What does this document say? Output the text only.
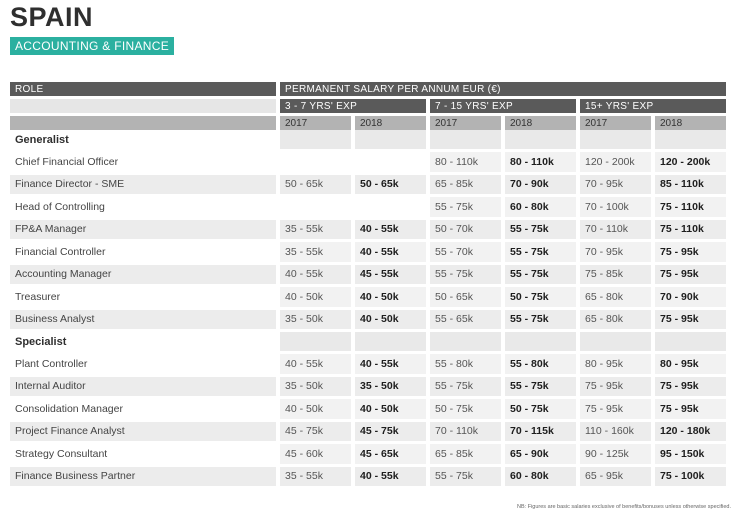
SPAIN
ACCOUNTING & FINANCE
ROLE	PERMANENT SALARY PER ANNUM EUR (€)					
	3 - 7 YRS' EXP		7 - 15 YRS' EXP		15+ YRS' EXP	
	2017	2018	2017	2018	2017	2018
Generalist						
Chief Financial Officer			80 - 110k	80 - 110k	120 - 200k	120 - 200k
Finance Director - SME	50 - 65k	50 - 65k	65 - 85k	70 - 90k	70 - 95k	85 - 110k
Head of Controlling			55 - 75k	60 - 80k	70 - 100k	75 - 110k
FP&A Manager	35 - 55k	40 - 55k	50 - 70k	55 - 75k	70 - 110k	75 - 110k
Financial Controller	35 - 55k	40 - 55k	55 - 70k	55 - 75k	70 - 95k	75 - 95k
Accounting Manager	40 - 55k	45 - 55k	55 - 75k	55 - 75k	75 - 85k	75 - 95k
Treasurer	40 - 50k	40 - 50k	50 - 65k	50 - 75k	65 - 80k	70 - 90k
Business Analyst	35 - 50k	40 - 50k	55 - 65k	55 - 75k	65 - 80k	75 - 95k
Specialist						
Plant Controller	40 - 55k	40 - 55k	55 - 80k	55 - 80k	80 - 95k	80 - 95k
Internal Auditor	35 - 50k	35 - 50k	55 - 75k	55 - 75k	75 - 95k	75 - 95k
Consolidation Manager	40 - 50k	40 - 50k	50 - 75k	50 - 75k	75 - 95k	75 - 95k
Project Finance Analyst	45 - 75k	45 - 75k	70 - 110k	70 - 115k	110 - 160k	120 - 180k
Strategy Consultant	45 - 60k	45 - 65k	65 - 85k	65 - 90k	90 - 125k	95 - 150k
Finance Business Partner	35 - 55k	40 - 55k	55 - 75k	60 - 80k	65 - 95k	75 - 100k
NB: Figures are basic salaries exclusive of benefits/bonuses unless otherwise specified.
